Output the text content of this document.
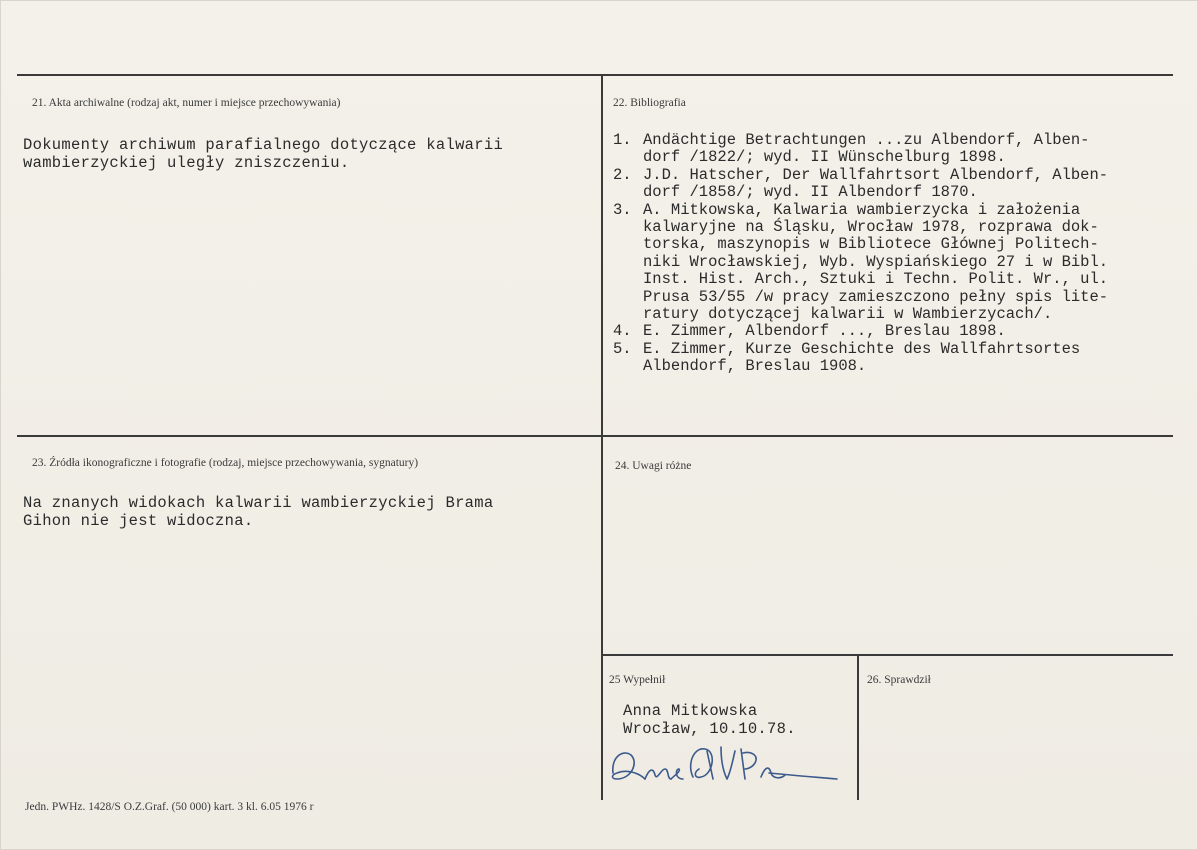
21. Akta archiwalne (rodzaj akt, numer i miejsce przechowywania)
Dokumenty archiwum parafialnego dotyczące kalwarii
wambierzyckiej uległy zniszczeniu.
22. Bibliografia
1. Andächtige Betrachtungen ...zu Albendorf, Alben-
dorf /1822/; wyd. II Wünschelburg 1898.
2. J.D. Hatscher, Der Wallfahrtsort Albendorf, Alben-
dorf /1858/; wyd. II Albendorf 1870.
3. A. Mitkowska, Kalwaria wambierzycka i założenia
kalwaryjne na Śląsku, Wrocław 1978, rozprawa dok-
torska, maszynopis w Bibliotece Głównej Politech-
niki Wrocławskiej, Wyb. Wyspiańskiego 27 i w Bibl.
Inst. Hist. Arch., Sztuki i Techn. Polit. Wr., ul.
Prusa 53/55 /w pracy zamieszczono pełny spis lite-
ratury dotyczącej kalwarii w Wambierzycach/.
4. E. Zimmer, Albendorf ..., Breslau 1898.
5. E. Zimmer, Kurze Geschichte des Wallfahrtsortes
Albendorf, Breslau 1908.
23. Źródła ikonograficzne i fotografie (rodzaj, miejsce przechowywania, sygnatury)
Na znanych widokach kalwarii wambierzyckiej Brama
Gihon nie jest widoczna.
24. Uwagi różne
25 Wypełnił
Anna Mitkowska
Wrocław, 10.10.78.
26. Sprawdził
Jedn. PWHz. 1428/S O.Z.Graf. (50 000) kart. 3 kl. 6.05 1976 r
